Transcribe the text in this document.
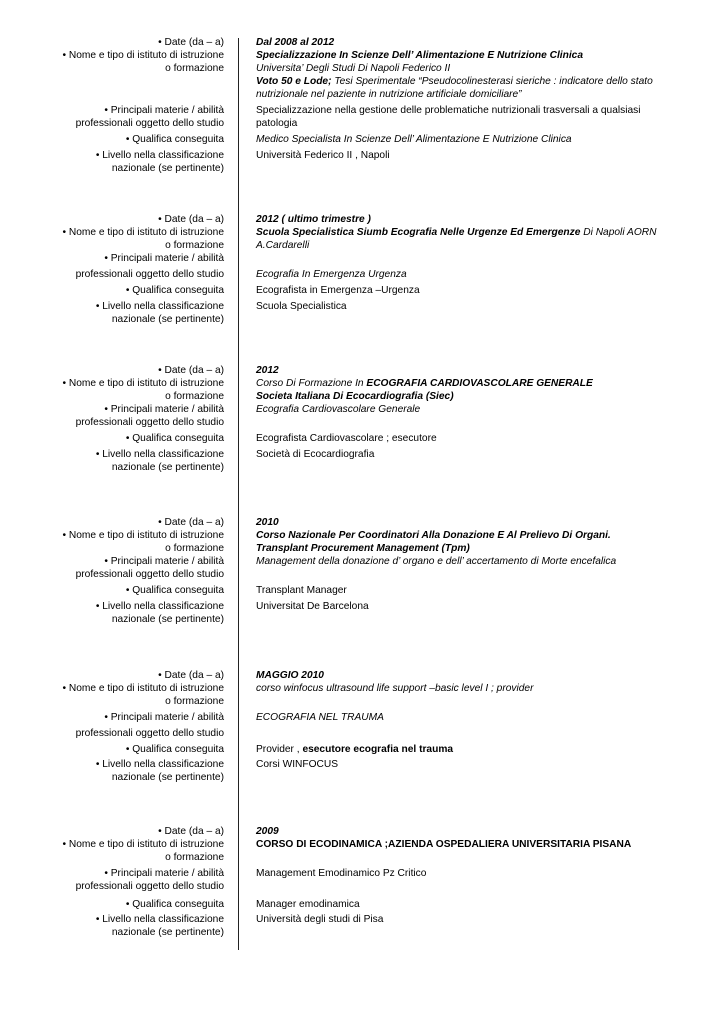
• Date (da – a)	Dal 2008 al 2012
• Nome e tipo di istituto di istruzione	Specializzazione In Scienze Dell’ Alimentazione E Nutrizione Clinica
o formazione	Universita’ Degli Studi Di Napoli Federico II
Voto 50 e Lode; Tesi Sperimentale “Pseudocolinesterasi sieriche : indicatore dello stato
nutrizionale nel paziente in nutrizione artificiale domiciliare”
• Principali materie / abilità	Specializzazione nella gestione delle problematiche nutrizionali trasversali a qualsiasi patologia
professionali oggetto dello studio
• Qualifica conseguita	Medico Specialista In Scienze Dell’ Alimentazione E Nutrizione Clinica
• Livello nella classificazione	Università Federico II , Napoli
nazionale (se pertinente)
• Date (da – a)	2012 ( ultimo trimestre )
• Nome e tipo di istituto di istruzione	Scuola Specialistica Siumb Ecografia Nelle Urgenze Ed Emergenze Di Napoli AORN
o formazione	A.Cardarelli
• Principali materie / abilità
professionali oggetto dello studio	Ecografia In Emergenza Urgenza
• Qualifica conseguita	Ecografista in Emergenza –Urgenza
• Livello nella classificazione	Scuola Specialistica
nazionale (se pertinente)
• Date (da – a)	2012
• Nome e tipo di istituto di istruzione	Corso Di Formazione In ECOGRAFIA CARDIOVASCOLARE GENERALE
o formazione	Societa Italiana Di Ecocardiografia (Siec)
• Principali materie / abilità	Ecografia Cardiovascolare Generale
professionali oggetto dello studio
• Qualifica conseguita	Ecografista Cardiovascolare ; esecutore
• Livello nella classificazione	Società di Ecocardiografia
nazionale (se pertinente)
• Date (da – a)	2010
• Nome e tipo di istituto di istruzione	Corso Nazionale Per Coordinatori Alla Donazione E Al Prelievo Di Organi.
o formazione	Transplant Procurement Management (Tpm)
• Principali materie / abilità	Management della donazione d’ organo e dell’ accertamento di Morte encefalica
professionali oggetto dello studio
• Qualifica conseguita	Transplant Manager
• Livello nella classificazione	Universitat De Barcelona
nazionale (se pertinente)
• Date (da – a)	MAGGIO 2010
• Nome e tipo di istituto di istruzione	corso winfocus ultrasound life support –basic level I ; provider
o formazione
• Principali materie / abilità	ECOGRAFIA NEL TRAUMA
professionali oggetto dello studio
• Qualifica conseguita	Provider , esecutore ecografia nel trauma
• Livello nella classificazione	Corsi WINFOCUS
nazionale (se pertinente)
• Date (da – a)	2009
• Nome e tipo di istituto di istruzione	CORSO DI ECODINAMICA ;AZIENDA OSPEDALIERA UNIVERSITARIA PISANA
o formazione
• Principali materie / abilità	Management Emodinamico Pz Critico
professionali oggetto dello studio
• Qualifica conseguita	Manager emodinamica
• Livello nella classificazione	Università degli studi di Pisa
nazionale (se pertinente)
